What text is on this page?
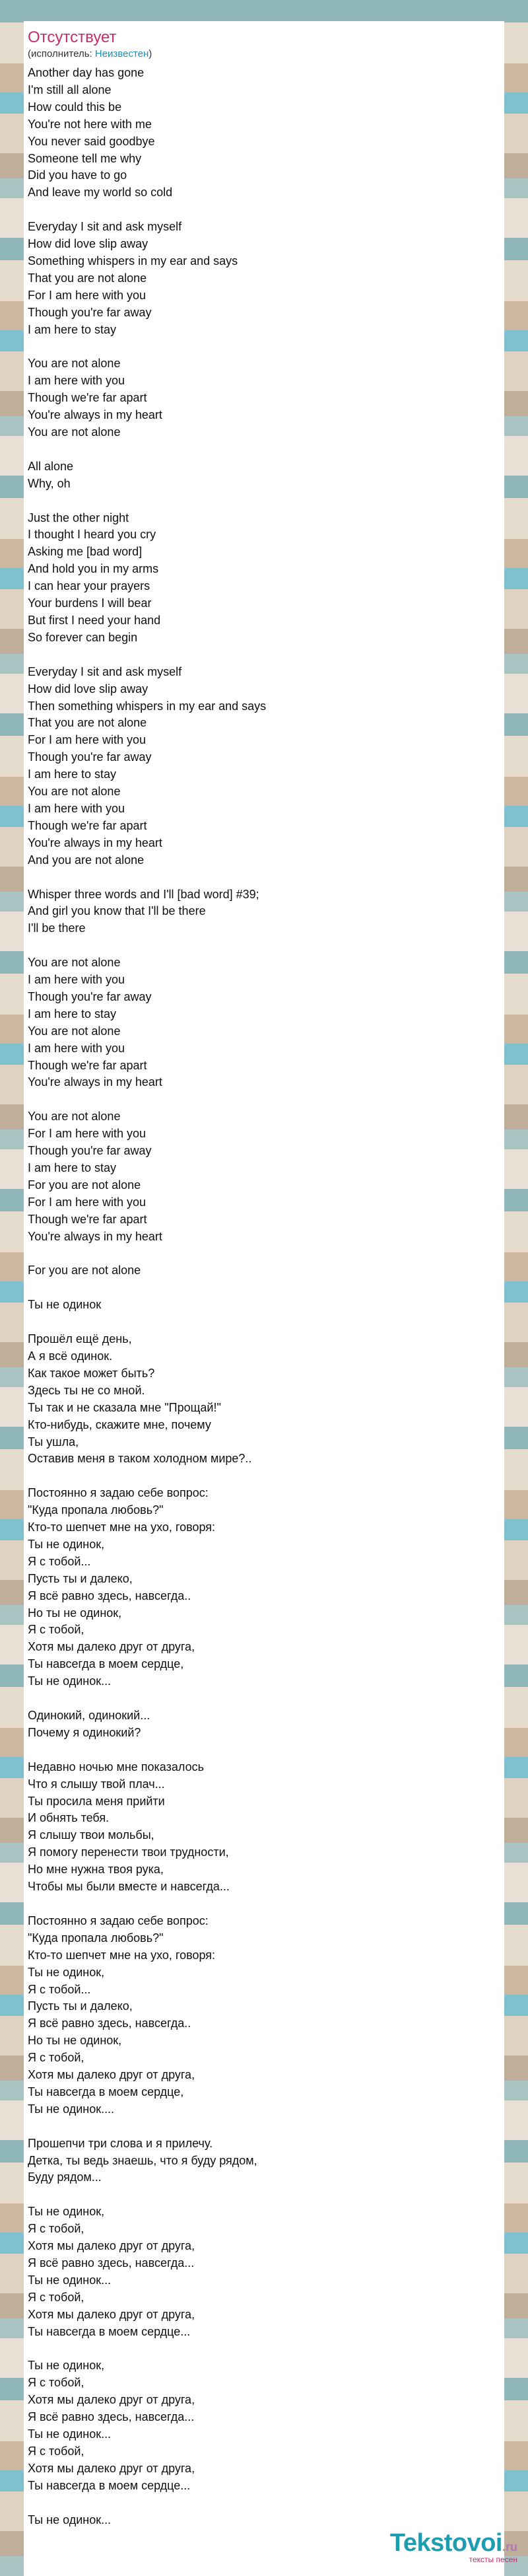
Отсутствует
(исполнитель: Неизвестен)
Another day has gone
I'm still all alone
How could this be
You're not here with me
You never said goodbye
Someone tell me why
Did you have to go
And leave my world so cold

Everyday I sit and ask myself
How did love slip away
Something whispers in my ear and says
That you are not alone
For I am here with you
Though you're far away
I am here to stay

You are not alone
I am here with you
Though we're far apart
You're always in my heart
You are not alone

All alone
Why, oh

Just the other night
I thought I heard you cry
Asking me [bad word]
And hold you in my arms
I can hear your prayers
Your burdens I will bear
But first I need your hand
So forever can begin

Everyday I sit and ask myself
How did love slip away
Then something whispers in my ear and says
That you are not alone
For I am here with you
Though you're far away
I am here to stay
You are not alone
I am here with you
Though we're far apart
You're always in my heart
And you are not alone

Whisper three words and I'll [bad word] #39;
And girl you know that I'll be there
I'll be there

You are not alone
I am here with you
Though you're far away
I am here to stay
You are not alone
I am here with you
Though we're far apart
You're always in my heart

You are not alone
For I am here with you
Though you're far away
I am here to stay
For you are not alone
For I am here with you
Though we're far apart
You're always in my heart

For you are not alone

Ты не одинок

Прошёл ещё день,
А я всё одинок.
Как такое может быть?
Здесь ты не со мной.
Ты так и не сказала мне "Прощай!"
Кто-нибудь, скажите мне, почему
Ты ушла,
Оставив меня в таком холодном мире?..

Постоянно я задаю себе вопрос:
"Куда пропала любовь?"
Кто-то шепчет мне на ухо, говоря:
Ты не одинок,
Я с тобой...
Пусть ты и далеко,
Я всё равно здесь, навсегда..
Но ты не одинок,
Я с тобой,
Хотя мы далеко друг от друга,
Ты навсегда в моем сердце,
Ты не одинок...

Одинокий, одинокий...
Почему я одинокий?

Недавно ночью мне показалось
Что я слышу твой плач...
Ты просила меня прийти
И обнять тебя.
Я слышу твои мольбы,
Я помогу перенести твои трудности,
Но мне нужна твоя рука,
Чтобы мы были вместе и навсегда...

Постоянно я задаю себе вопрос:
"Куда пропала любовь?"
Кто-то шепчет мне на ухо, говоря:
Ты не одинок,
Я с тобой...
Пусть ты и далеко,
Я всё равно здесь, навсегда..
Но ты не одинок,
Я с тобой,
Хотя мы далеко друг от друга,
Ты навсегда в моем сердце,
Ты не одинок....

Прошепчи три слова и я прилечу.
Детка, ты ведь знаешь, что я буду рядом,
Буду рядом...

Ты не одинок,
Я с тобой,
Хотя мы далеко друг от друга,
Я всё равно здесь, навсегда...
Ты не одинок...
Я с тобой,
Хотя мы далеко друг от друга,
Ты навсегда в моем сердце...

Ты не одинок,
Я с тобой,
Хотя мы далеко друг от друга,
Я всё равно здесь, навсегда...
Ты не одинок...
Я с тобой,
Хотя мы далеко друг от друга,
Ты навсегда в моем сердце...

Ты не одинок...
Tekstovoi.ru
тексты песен
